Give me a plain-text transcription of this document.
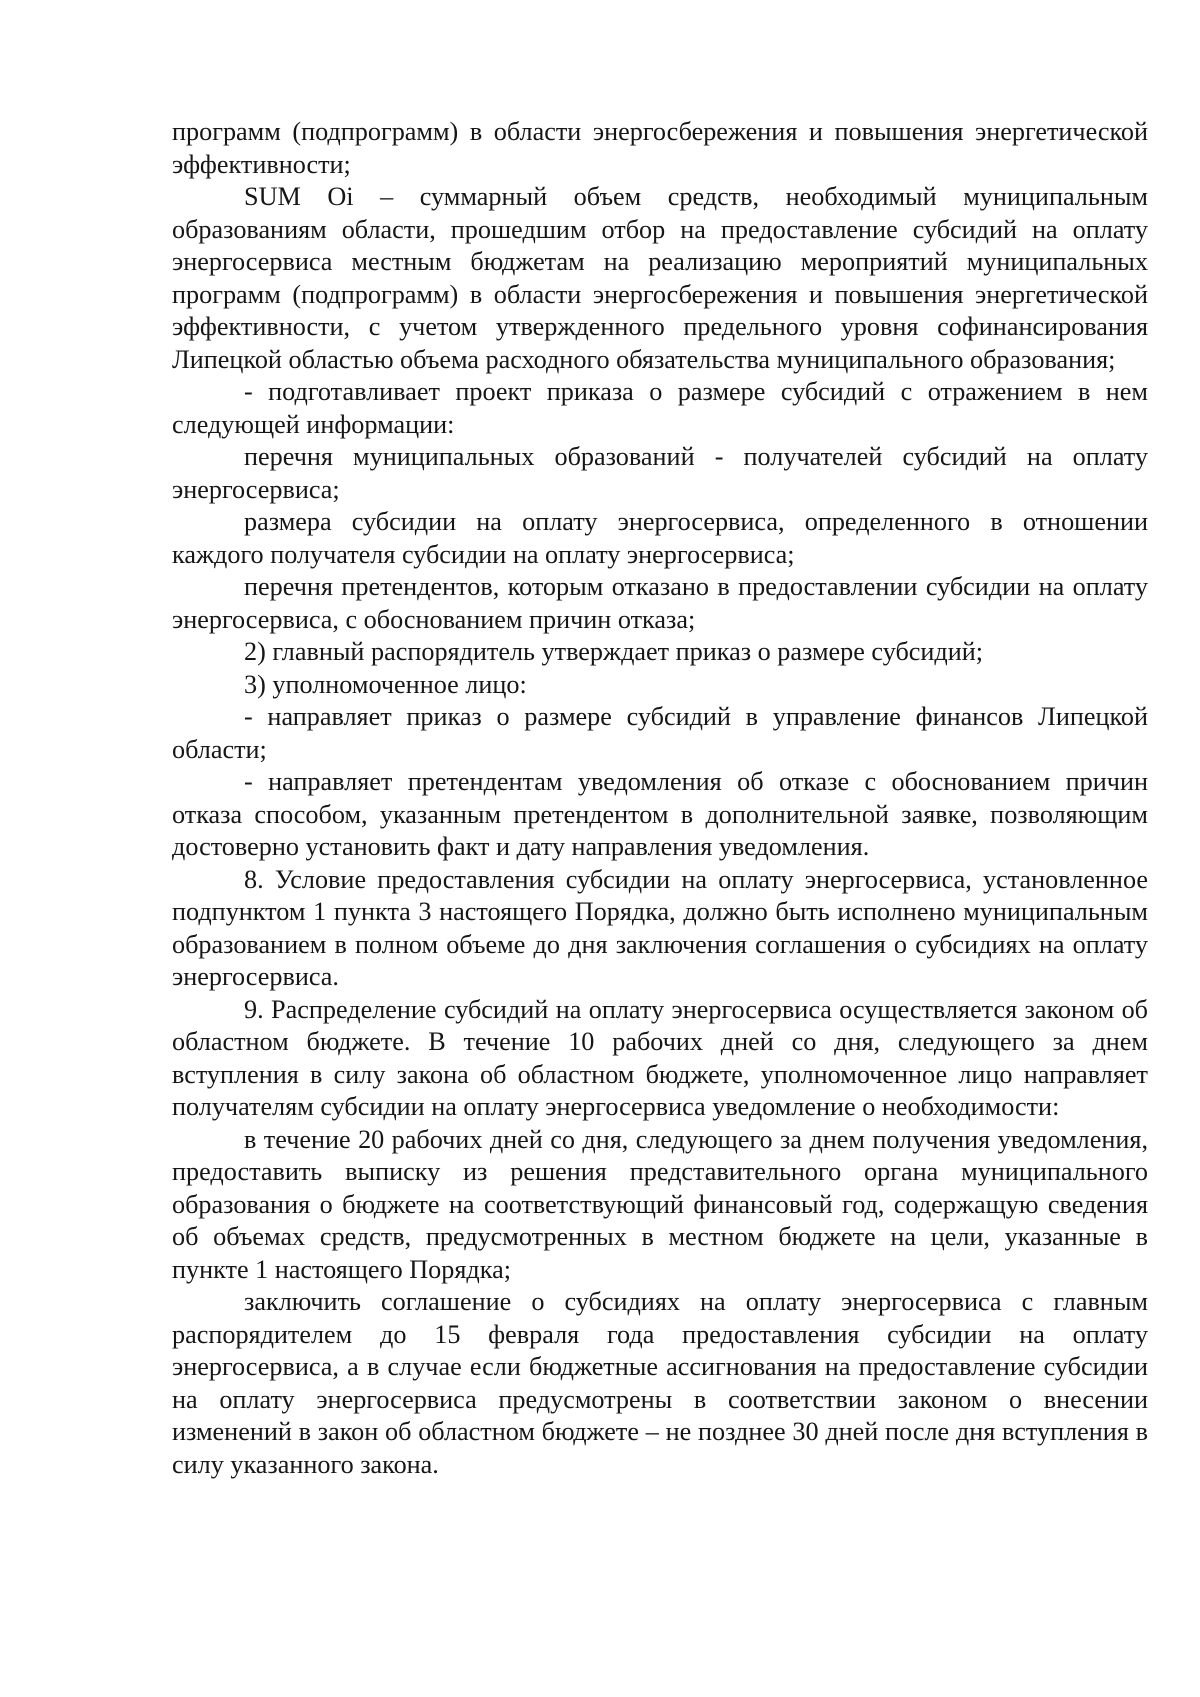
программ (подпрограмм) в области энергосбережения и повышения энергетической эффективности;

SUM Oi – суммарный объем средств, необходимый муниципальным образованиям области, прошедшим отбор на предоставление субсидий на оплату энергосервиса местным бюджетам на реализацию мероприятий муниципальных программ (подпрограмм) в области энергосбережения и повышения энергетической эффективности, с учетом утвержденного предельного уровня софинансирования Липецкой областью объема расходного обязательства муниципального образования;

- подготавливает проект приказа о размере субсидий с отражением в нем следующей информации:

перечня муниципальных образований - получателей субсидий на оплату энергосервиса;

размера субсидии на оплату энергосервиса, определенного в отношении каждого получателя субсидии на оплату энергосервиса;

перечня претендентов, которым отказано в предоставлении субсидии на оплату энергосервиса, с обоснованием причин отказа;

2) главный распорядитель утверждает приказ о размере субсидий;

3) уполномоченное лицо:

- направляет приказ о размере субсидий в управление финансов Липецкой области;

- направляет претендентам уведомления об отказе с обоснованием причин отказа способом, указанным претендентом в дополнительной заявке, позволяющим достоверно установить факт и дату направления уведомления.

8. Условие предоставления субсидии на оплату энергосервиса, установленное подпунктом 1 пункта 3 настоящего Порядка, должно быть исполнено муниципальным образованием в полном объеме до дня заключения соглашения о субсидиях на оплату энергосервиса.

9. Распределение субсидий на оплату энергосервиса осуществляется законом об областном бюджете. В течение 10 рабочих дней со дня, следующего за днем вступления в силу закона об областном бюджете, уполномоченное лицо направляет получателям субсидии на оплату энергосервиса уведомление о необходимости:

в течение 20 рабочих дней со дня, следующего за днем получения уведомления, предоставить выписку из решения представительного органа муниципального образования о бюджете на соответствующий финансовый год, содержащую сведения об объемах средств, предусмотренных в местном бюджете на цели, указанные в пункте 1 настоящего Порядка;

заключить соглашение о субсидиях на оплату энергосервиса с главным распорядителем до 15 февраля года предоставления субсидии на оплату энергосервиса, а в случае если бюджетные ассигнования на предоставление субсидии на оплату энергосервиса предусмотрены в соответствии законом о внесении изменений в закон об областном бюджете – не позднее 30 дней после дня вступления в силу указанного закона.
